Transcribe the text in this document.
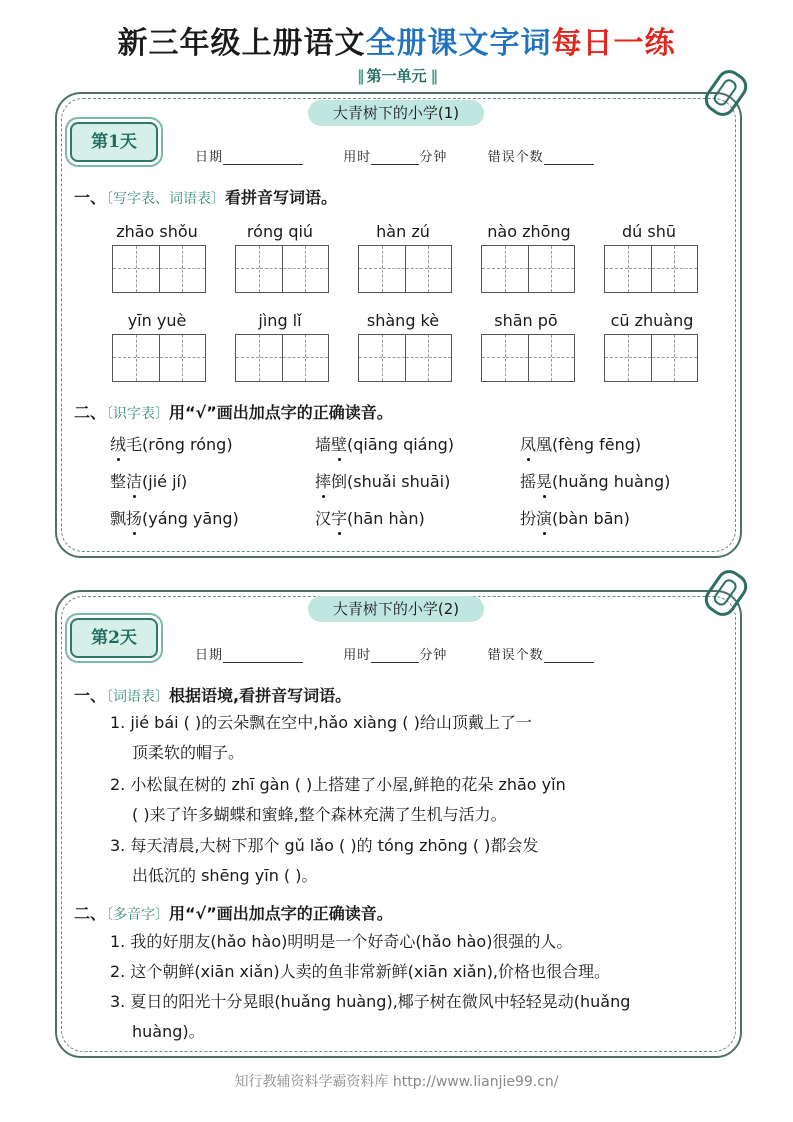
新三年级上册语文全册课文字词每日一练
‖ 第一单元 ‖
大青树下的小学(1)
第1天
日期	用时	分钟	错误个数
一、〔写字表、词语表〕看拼音写词语。
zhāo shǒu	róng qiú	hàn zú	nào zhōng	dú shū
yīn yuè	jìng lǐ	shàng kè	shān pō	cū zhuàng
二、〔识字表〕用“√”画出加点字的正确读音。
绒毛(rōng róng)	墙壁(qiāng qiáng)	凤凰(fèng fēng)
整洁(jié jí)	摔倒(shuǎi shuāi)	摇晃(huǎng huàng)
飘扬(yáng yāng)	汉字(hān hàn)	扮演(bàn bān)
大青树下的小学(2)
第2天
日期	用时	分钟	错误个数
一、〔词语表〕根据语境,看拼音写词语。
1. jié bái ( )的云朵飘在空中,hǎo xiàng ( )给山顶戴上了一
顶柔软的帽子。
2. 小松鼠在树的 zhī gàn ( )上搭建了小屋,鲜艳的花朵 zhāo yǐn
( )来了许多蝴蝶和蜜蜂,整个森林充满了生机与活力。
3. 每天清晨,大树下那个 gǔ lǎo ( )的 tóng zhōng ( )都会发
出低沉的 shēng yīn ( )。
二、〔多音字〕用“√”画出加点字的正确读音。
1. 我的好朋友(hǎo hào)明明是一个好奇心(hǎo hào)很强的人。
2. 这个朝鲜(xiān xiǎn)人卖的鱼非常新鲜(xiān xiǎn),价格也很合理。
3. 夏日的阳光十分晃眼(huǎng huàng),椰子树在微风中轻轻晃动(huǎng
huàng)。
知行教辅资料学霸资料库 http://www.lianjie99.cn/
